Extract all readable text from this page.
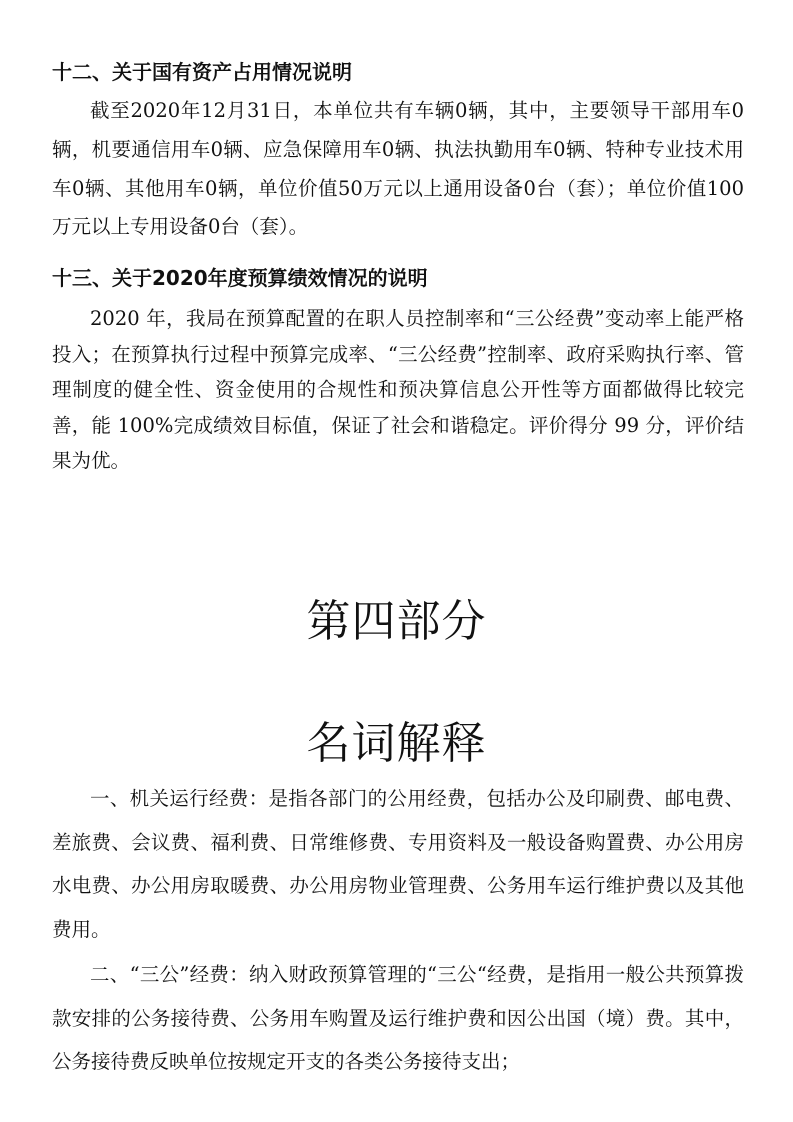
十二、关于国有资产占用情况说明
截至2020年12月31日，本单位共有车辆0辆，其中，主要领导干部用车0辆，机要通信用车0辆、应急保障用车0辆、执法执勤用车0辆、特种专业技术用车0辆、其他用车0辆，单位价值50万元以上通用设备0台（套）；单位价值100万元以上专用设备0台（套）。
十三、关于2020年度预算绩效情况的说明
2020 年，我局在预算配置的在职人员控制率和“三公经费”变动率上能严格投入；在预算执行过程中预算完成率、“三公经费”控制率、政府采购执行率、管理制度的健全性、资金使用的合规性和预决算信息公开性等方面都做得比较完善，能 100%完成绩效目标值，保证了社会和谐稳定。评价得分 99 分，评价结果为优。
第四部分
名词解释
一、机关运行经费：是指各部门的公用经费，包括办公及印刷费、邮电费、差旅费、会议费、福利费、日常维修费、专用资料及一般设备购置费、办公用房水电费、办公用房取暖费、办公用房物业管理费、公务用车运行维护费以及其他费用。
二、“三公”经费：纳入财政预算管理的“三公“经费，是指用一般公共预算拨款安排的公务接待费、公务用车购置及运行维护费和因公出国（境）费。其中，公务接待费反映单位按规定开支的各类公务接待支出；
